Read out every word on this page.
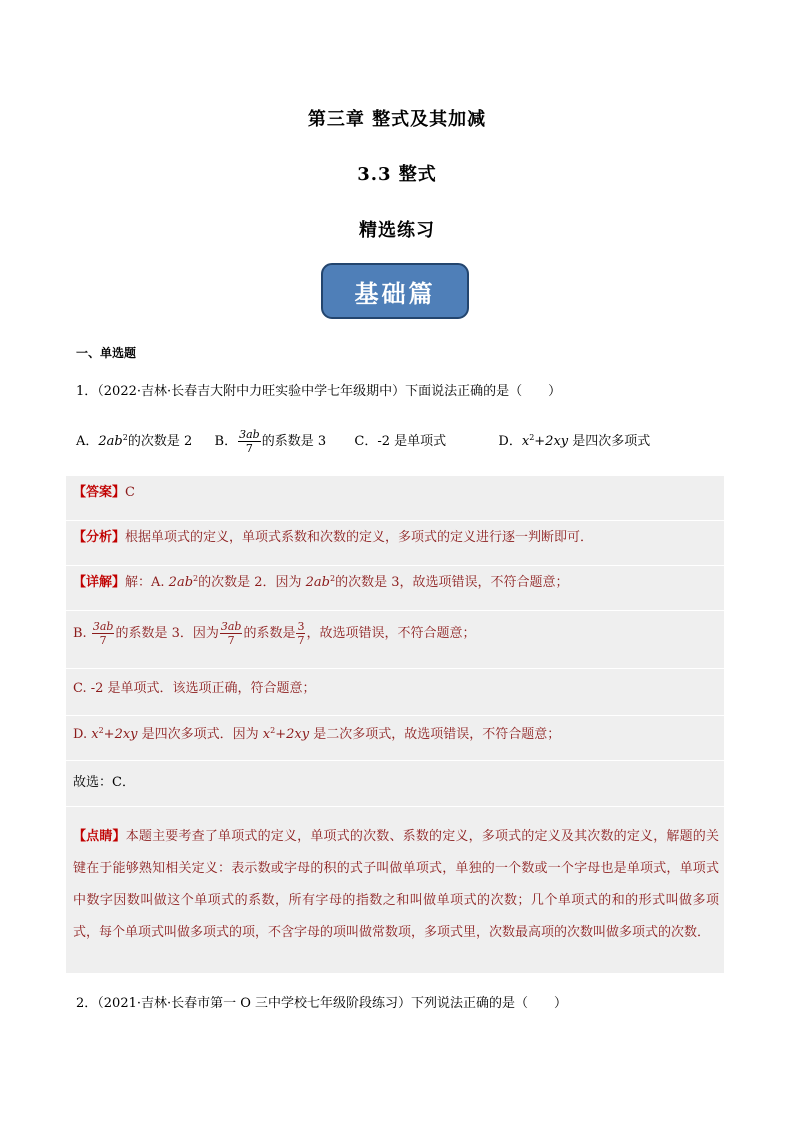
第三章 整式及其加减
3.3 整式
精选练习
基础篇
一、单选题
1．（2022·吉林·长春吉大附中力旺实验中学七年级期中）下面说法正确的是（　　）
A．$2ab^2$的次数是 2 B． $\frac{3ab}{7}$ 的系数是 3 C．-2 是单项式	D．$x^2+2xy$ 是四次多项式
【答案】C
【分析】根据单项式的定义，单项式系数和次数的定义，多项式的定义进行逐一判断即可．
【详解】解：A. $2ab^2$的次数是 2．因为 $2ab^2$的次数是 3，故选项错误，不符合题意；
B. $\frac{3ab}{7}$ 的系数是 3．因为 $\frac{3ab}{7}$ 的系数是 $\frac{3}{7}$ ，故选项错误，不符合题意；
C. -2 是单项式．该选项正确，符合题意；
D. $x^2+2xy$ 是四次多项式．因为 $x^2+2xy$ 是二次多项式，故选项错误，不符合题意；
故选：C．
【点睛】本题主要考查了单项式的定义，单项式的次数、系数的定义，多项式的定义及其次数的定义，解题的关键在于能够熟知相关定义：表示数或字母的积的式子叫做单项式，单独的一个数或一个字母也是单项式，单项式中数字因数叫做这个单项式的系数，所有字母的指数之和叫做单项式的次数；几个单项式的和的形式叫做多项式，每个单项式叫做多项式的项，不含字母的项叫做常数项，多项式里，次数最高项的次数叫做多项式的次数．
2．（2021·吉林·长春市第一 O 三中学校七年级阶段练习）下列说法正确的是（　　）
